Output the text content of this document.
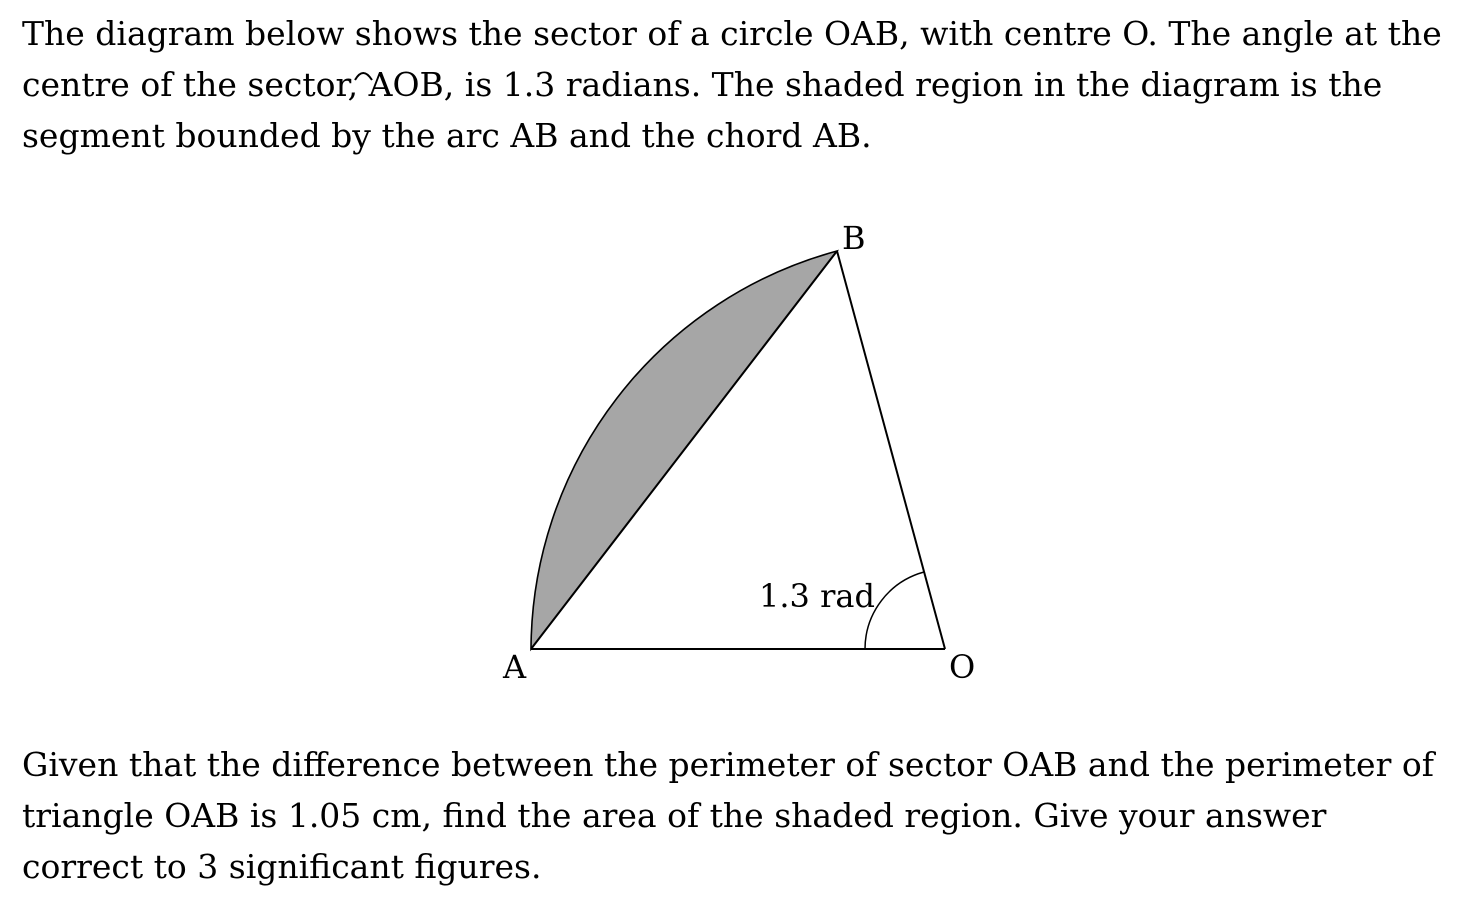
The diagram below shows the sector of a circle OAB, with centre O. The angle at the centre of the sector, AOB, is 1.3 radians. The shaded region in the diagram is the segment bounded by the arc AB and the chord AB.

B
A	O
1.3 rad

Given that the difference between the perimeter of sector OAB and the perimeter of triangle OAB is 1.05 cm, find the area of the shaded region. Give your answer correct to 3 significant figures.
